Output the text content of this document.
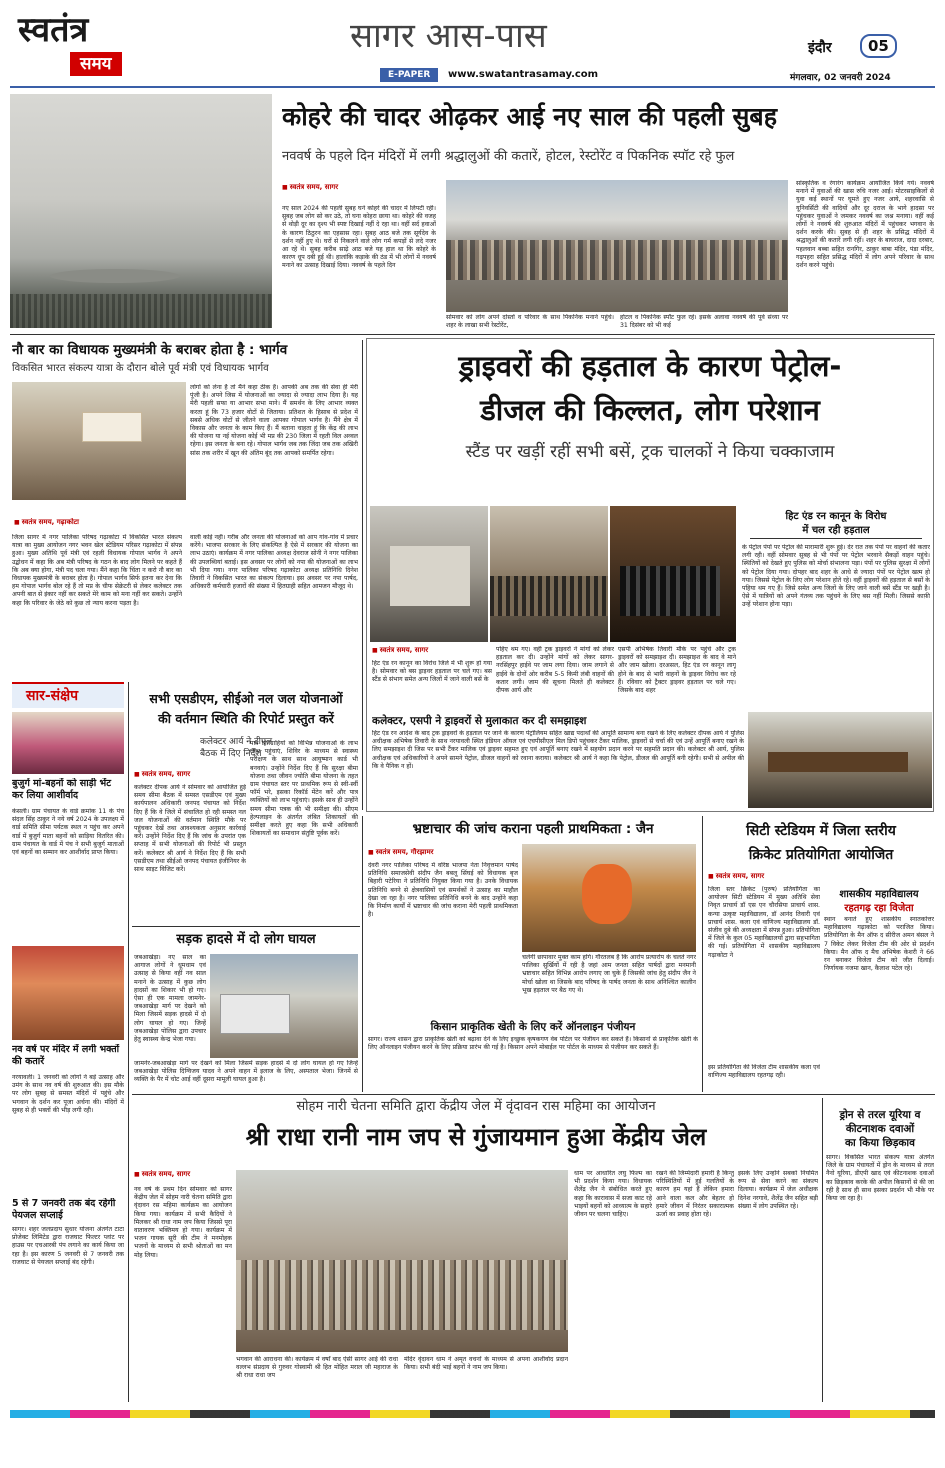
स्वतंत्र
समय
सागर आस-पास
E-PAPER	www.swatantrasamay.com
इंदौर	05
मंगलवार, 02 जनवरी 2024
कोहरे की चादर ओढ़कर आई नए साल की पहली सुबह
नववर्ष के पहले दिन मंदिरों में लगी श्रद्धालुओं की कतारें, होटल, रेस्टोरेंट व पिकनिक स्पॉट रहे फुल
■ स्वतंत्र समय, सागर
नए साल 2024 की पहली सुबह घने कोहरे की चादर में लिपटी रही। सुबह जब लोग सो कर उठे, तो घना कोहरा छाया था। कोहरे की वजह से थोड़ी दूर का दृश्य भी स्पष्ट दिखाई नहीं दे रहा था। वहीं सर्द हवाओं के कारण ठिठुरन का एहसास रहा। सुबह आठ बजे तक सूर्यदेव के दर्शन नहीं हुए थे। घरों से निकलने वाले लोग गर्म कपड़ों से लदे नजर आ रहे थे। सुबह करीब साढ़े आठ बजे यह हाल था कि कोहरे के कारण धूप दबी हुई थी। हालांकि कड़ाके की ठंड में भी लोगों में नववर्ष मनाने का उत्साह दिखाई दिया। नववर्ष के पहले दिन
सोमवार को लोग अपने दोस्तों व परिवार के साथ पिकनिक मनाने पहुंचे। शहर के लाखा सभी रेस्टोरेंट,
होटल व पिकनिक स्पॉट फुल रहे। इसके अलावा नववर्ष की पूर्व संध्या पर 31 दिसंबर को भी कई
सांस्कृतिक व रंगारंग कार्यक्रम आयोजित किये गये। नववर्ष मनाने में युवाओं की खास रुचि नजर आई। मोटरसाइकिलों से युवा कई स्थानों पर घूमते हुए नजर आये, शहरवासि से यूनिवर्सिटी की वादियों और दूर दराज के भागे हादसा पर पहुंचकर युवाओं ने जमकर नववर्ष का जश्न मनाया। वहीं कई लोगों ने नववर्ष की शुरुआत मंदिरों में पहुंचकर भगवान के दर्शन करके की। सुबह से ही शहर के प्रसिद्ध मंदिरों में श्रद्धालुओं की कतारें लगी रहीं। शहर के बाघराज, दादा दरबार, पहलवान बब्बा सहित रानगिर, ठाकुर बाबा मंदिर, पंडा मंदिर, गढ़पहरा सहित प्रसिद्ध मंदिरों में लोग अपने परिवार के साथ दर्शन करने पहुंचे।
नौ बार का विधायक मुख्यमंत्री के बराबर होता है : भार्गव
विकसित भारत संकल्प यात्रा के दौरान बोले पूर्व मंत्री एवं विधायक भार्गव
■ स्वतंत्र समय, गढ़ाकोटा
लोगों को लेना है तो मैंने कहा ठीक है। आपकी अब तक की सेवा ही मेरी पूंजी है। अपने जिस में योजनाओं का ज्यादा से ज्यादा लाभ दिया है। यह मेरी पहली सफा या आभार सभा माने। मैं समर्थन के लिए आभार व्यक्त करता हूं कि 73 हजार वोटों से जिताया। प्रतिशत के हिसाब से प्रदेश में सबसे अधिक वोटों से जीतने वाला आपका गोपाल भार्गव है। मैंने क्षेत्र में विकास और जनता के काम किए हैं। मैं बताना चाहता हूं कि केंद्र की लाभ की योजना या नई योजना कोई भी मप्र की 230 जिला में रहती विल अव्वल रहेगा। इस जनता के बना रहे। गोपाल भार्गव जब तक जिंदा जब तक अखिरी सांस तक शरीर में खून की अंतिम बूंद तक आपको समर्पित रहेगा।
जिला सागर में नगर पालिका परिषद गढ़ाकोटा में विकसित भारत संकल्प यात्रा का मुख्य आयोजन नगर भवन खेल स्टेडियम परिसर गढ़ाकोटा में संपन्न हुआ। मुख्य अतिथि पूर्व मंत्री एवं रहली विधायक गोपाल भार्गव ने अपने उद्बोधन में कहा कि अब मंत्री परिषद के गठन के बाद लोग मिलने पर कहते हैं कि अब क्या होगा, मंत्री पद चला गया। मैंने कहा कि चिंता न करो नौ बार का विधायक मुख्यमंत्री के बराबर होता है। गोपाल भार्गव सिर्फ इतना कर देना कि हम गोपाल भार्गव बोल रहे हैं तो मप्र के चीफ सेक्रेटरी से लेकर कलेक्टर तक अपनी बात से इंकार नहीं कर सकते मेरे काम को मना नहीं कर सकते। उन्होंने कहा कि परिवार के जेठे को कुछ तो न्याय करना पड़ता है।
वाली कोई नहीं। गरीब और जनता की योजनाओं को आप गांव-गांव में प्रचार करेंगे। भाजपा सरकार के लिए संकल्पित है ऐसे में सरकार की योजना का लाभ उठाएं। कार्यक्रम में नगर पालिका अध्यक्ष देवराज सोनी ने नगर पालिका की उपलब्धियां बताई। इस अवसर पर लोगों को नपा की योजनाओं का लाभ भी दिया गया। नगर पालिका परिषद गढ़ाकोटा अध्यक्ष प्रतिनिधि दिनेश तिवारी ने विकसित भारत का संकल्प दिलाया। इस अवसर पर नपा पार्षद, अधिकारी कर्मचारी हजारों की संख्या में हितग्राही सहित आमजन मौजूद थे।
ड्राइवरों की हड़ताल के कारण पेट्रोल-
डीजल की किल्लत, लोग परेशान
स्टैंड पर खड़ीं रहीं सभी बसें, ट्रक चालकों ने किया चक्काजाम
हिट एंड रन कानून के विरोध
में चल रही हड़ताल
के पेट्रोल पंपों पर पेट्रोल की मारामारी शुरू हुई। देर रात तक पंपों पर वाहनों की कतार लगी रही। वहीं सोमवार सुबह से भी पंपों पर पेट्रोल भरवाने सैकड़ों वाहन पहुंचे। स्थितियों को देखते हुए पुलिस को मोर्चा संभालना पड़ा। पंपों पर पुलिस सुरक्षा में लोगों को पेट्रोल दिया गया। दोपहर बाद शहर के आधे से ज्यादा पंपों पर पेट्रोल खत्म हो गया। जिससे पेट्रोल के लिए लोग परेशान होते रहे। वहीं ड्राइवरों की हड़ताल से बसों के पहिया थम गए हैं। जिसे समेत अन्य जिलों के लिए जाने वाली बसें स्टैंड पर खड़ी है। ऐसे में यात्रियों को अपने गंतव्य तक पहुंचने के लिए बस नहीं मिली। जिससे काफ़ी उन्हें परेशान होना पड़ा।
■ स्वतंत्र समय, सागर
हिट एंड रन कानून का विरोध जिले में भी शुरू हो गया है। सोमवार को बस ड्राइवर हड़ताल पर चले गए। बस स्टैंड से संभाग समेत अन्य जिलों में जाने वाली बसें के
पहिए थम गए। वहीं ट्रक ड्राइवरों ने मांगों को लेकर हड़ताल कर दी। उन्होंने मांगों को लेकर सागर-नरसिंहपुर हाईवे पर जाम लगा दिया। जाम लगाने से हाईवे के दोनों ओर करीब 5-5 किमी लंबी वाहनों की कतार लगी। जाम की सूचना मिलते ही कलेक्टर दीपक आर्य और
एसपी अभिषेक तिवारी मौके पर पहुंचे और ट्रक ड्राइवरों को समझाइश दी। समझाइश के बाद वे माने और जाम खोला। दरअसल, हिट एंड रन कानून लागू होने के बाद से भारी वाहनों के ड्राइवर विरोध कर रहे हैं। रविवार को ट्रैक्टर ड्राइवर हड़ताल पर चले गए। जिसके बाद शहर
कलेक्टर, एसपी ने ड्राइवरों से मुलाकात कर दी समझाइश
हिट एंड रन आदेश के बाद ट्रक ड्राइवरों के हड़ताल पर जाने के कारण पेट्रोलियम सहित खाद्य पदार्थों की आपूर्ति सामान्य बना रखने के लिए कलेक्टर दीपक आर्य ने पुलिस अधीक्षक अभिषेक तिवारी के साथ नरयावली स्थित इंडियन ऑयल एवं एचपीसीएल मिल डिपो पहुंचकर टैंकर मालिक, ड्राइवरों से चर्चा की एवं उन्हें आपूर्ति बनाए रखने के लिए समझाइश दी जिस पर सभी टैंकर मालिक एवं ड्राइवर सहमत हुए एवं आपूर्ति बनाए रखने में सहयोग प्रदान करने पर सहमति प्रदान की। कलेक्टर श्री आर्य, पुलिस अधीक्षक एवं अधिकारियों ने अपने सामने पेट्रोल, डीजल वाहनों को रवाना कराया। कलेक्टर श्री आर्य ने कहा कि पेट्रोल, डीजल की आपूर्ति बनी रहेगी। सभी से अपील की कि वे पैनिक न हों।
सार-संक्षेप
बुजुर्ग मां-बहनों को साड़ी भेंट कर लिया आशीर्वाद
केसली। ग्राम पंचायत के वार्ड क्रमांक 11 के पंच संदल सिंह ठाकुर ने नये वर्ष 2024 के उपलक्ष्य में वार्ड समिति सीमा पर्यटक स्थल न पहुंच कर अपने वार्ड में बुजुर्ग माता बहनों को साड़िया वितरित की। ग्राम पंचायत के वार्ड में पंच ने सभी बुजुर्ग माताओं एवं बहनों का सम्मान कर आशीर्वाद प्राप्त किया।
नव वर्ष पर मंदिर में लगी भक्तों की कतारें
नरयावली। 1 जनवरी को लोगों ने बड़े उत्साह और उमंग के साथ नव वर्ष की शुरुआत की। इस मौके पर लोग सुबह से समस्त मंदिरों में पहुंचे और भगवान के दर्शन कर पूजा अर्चना की। मंदिरों में सुबह से ही भक्तों की भीड़ लगी रही।
5 से 7 जनवरी तक बंद रहेगी पेयजल सप्लाई
सागर। शहर जलप्रदाय सुधार योजना अंतर्गत टाटा प्रोजेक्ट लिमिटेड द्वारा राजघाट फिल्टर प्लांट पर हाउस पर एचआरबी पंप लगाने का कार्य किया जा रहा है। इस कारण 5 जनवरी से 7 जनवरी तक राजघाट से पेयजल सप्लाई बंद रहेगी।
सभी एसडीएम, सीईओ नल जल योजनाओं
की वर्तमान स्थिति की रिपोर्ट प्रस्तुत करें
कलेक्टर आर्य ने टीएल
बैठक में दिए निर्देश
■ स्वतंत्र समय, सागर
कलेक्टर दीपक आर्य ने सोमवार को आयोजित हुई समय सीमा बैठक में समस्त एसडीएम एवं मुख्य कार्यपालन अधिकारी जनपद पंचायत को निर्देश दिए हैं कि वे जिले में संचालित हो रही समस्त नल जल योजनाओं की वर्तमान स्थिति मौके पर पहुंचकर देखें तथा आवश्यकता अनुसार कार्रवाई करें। उन्होंने निर्देश दिए हैं कि जांच के उपरांत एक सप्ताह में सभी योजनाओं की रिपोर्ट भी प्रस्तुत करें। कलेक्टर श्री आर्य ने निर्देश दिए हैं कि सभी एसडीएम तथा सीईओ जनपद पंचायत इंजीनियर के साथ साइट विजिट करें।
पात्र हितग्राहियों को विभिन्न योजनाओं के लाभ लाभ पहुंचाएं, शिविर के माध्यम से स्वास्थ्य परीक्षण के साथ साथ आयुष्मान कार्ड भी बनवाएं। उन्होंने निर्देश दिए हैं कि सुरक्षा बीमा योजना तथा जीवन ज्योति बीमा योजना के तहत ग्राम पंचायत स्तर पर प्राथमिक रूप से स्वी-स्वीं फॉर्म भरे, इसका रिकॉर्ड मेंटेन करें और पात्र व्यक्तियों को लाभ पहुंचाएं। इसके साथ ही उन्होंने समय सीमा पत्रक की भी समीक्षा की। सीएम हेल्पलाइन के अंतर्गत लंबित शिकायतों की समीक्षा करते हुए कहा कि सभी अधिकारी शिकायतों का समाधान संतुष्टि पूर्वक करें।
सड़क हादसे में दो लोग घायल
जबआखेड़ा। नए साल का आगाज लोगों ने धूमधाम एवं उत्साह से किया वहीं नव साल मनाने के उत्साह में कुछ लोग हादसों का शिकार भी हो गए। ऐसा ही एक मामला जामनेर-जबआखेड़ा मार्ग पर देखने को मिला जिसमें सड़क हादसे में दो लोग घायल हो गए। जिन्हें जबआखेड़ा पोलिस द्वारा उपचार हेतु स्वास्थ्य केन्द्र भेजा गया।
जामनेर-जबआखेड़ा मार्ग पर देखने को मिला जिसमें सड़क हादसे में दो लोग घायल हो गए जिन्हें जबआखेड़ा पोलिस दिग्विजय यादव ने अपने वाहन में इलाज के लिए, अस्पताल भेजा। जिनमें से व्यक्ति के पैर में चोट आई वहीं दूसरा मामूली घायल हुआ है।
भ्रष्टाचार की जांच कराना पहली प्राथमिकता : जैन
■ स्वतंत्र समय, गौरझामर
देवरी नगर पालिका परिषद में वरिष्ठ भाजपा नेता निवृत्तमान पार्षद प्रतिनिधि समाजसेवी संदीप जैन बबलू सिंघई को विधायक बृज बिहारी पटेरिया ने प्रतिनिधि नियुक्त किया गया है। उनके विधायक प्रतिनिधि बनने से क्षेत्रवासियों एवं समर्थकों ने उत्साह का माहौल देखा जा रहा है। नगर पालिका प्रतिनिधि बनने के बाद उन्होंने कहा कि निर्माण कार्यों में भ्रष्टाचार की जांच कराना मेरी पहली प्राथमिकता है।
चलेगी छापावार मुक्त काम होंगे। गौरतलब है कि आरोप प्रत्यारोप के चलते नगर पालिका सुर्खियों में रही है जहां आम जनता सहित पार्षदों द्वारा मनमानी भ्रष्टाचार सहित विभिन्न आरोप लगाए जा चुके हैं जिसकी जांच हेतु संदीप जैन ने मोर्चा खोला था जिसके बाद परिषद के पार्षद जनता के साथ अनिश्चित कालीन भूख हड़ताल पर बैठ गए थे।
किसान प्राकृतिक खेती के लिए करें ऑनलाइन पंजीयन
सागर। राज्य शासन द्वारा प्राकृतिक खेती को बढ़ावा देने के लिए इच्छुक कृषकगण वेब पोर्टल पर पंजीयन कर सकते हैं। किसानों से प्राकृतिक खेती के लिए ऑनलाइन पंजीयन करने के लिए प्रक्रिया प्रारंभ की गई है। किसान अपने मोबाईल पर पोर्टल के माध्यम से पंजीयन कर सकते हैं।
सिटी स्टेडियम में जिला स्तरीय
क्रिकेट प्रतियोगिता आयोजित
■ स्वतंत्र समय, सागर
जिला स्तर क्रिकेट (पुरुष) प्रतियोगिता का आयोजन सिटी स्टेडियम में मुख्य अतिथि सेवा निवृत प्राचार्य डॉ एस एन चौरसिया प्राचार्य शास. कन्या उत्कृष्ट महाविद्यालय, डॉ आनंद तिवारी एवं प्राचार्य शास. कला एवं वाणिज्य महाविद्यालय डॉ. संजीव दुबे की अध्यक्षता में संपन्न हुआ। प्रतियोगिता में जिले के कुल 05 महाविद्यालयों द्वारा सहभागिता की गई। प्रतियोगिता में शासकीय महाविद्यालय गढ़ाकोटा ने
इस प्रतियोगिता की विजेता टीम शासकीय कला एवं वाणिज्य महाविद्यालय रहतगढ़ रही।
शासकीय महाविद्यालय
रहतगढ़ रहा विजेता
स्थान बनाते हुए शासकीय स्नातकोत्तर महाविद्यालय गढ़ाकोटा को पराजित किया। प्रतियोगिता के मैन ऑफ द सीरीज अमन बंसल ने 7 विकेट लेकर विजेता टीम की ओर से प्रदर्शन किया। मैन ऑफ द मैच अभिषेक केशरी ने 66 रन बनाकर विजेता टीम को जीत दिलाई। निर्णायक नजमा खान, कैलाश पटेल रहे।
सोहम नारी चेतना समिति द्वारा केंद्रीय जेल में वृंदावन रास महिमा का आयोजन
श्री राधा रानी नाम जप से गुंजायमान हुआ केंद्रीय जेल
■ स्वतंत्र समय, सागर
नव वर्ष के प्रथम दिन सोमवार को सागर केंद्रीय जेल में सोहम नारी चेतना समिति द्वारा वृंदावन रस महिमा कार्यक्रम का आयोजन किया गया। कार्यक्रम में सभी कैदियों ने मिलकर श्री राधा नाम जप किया जिससे पूरा वातावरण भक्तिमय हो गया। कार्यक्रम में भजन गायक सूरी की टीम ने मनमोहक भजनों के माध्यम से सभी श्रोताओं का मन मोह लिया।
भगवान की आराधना की। कार्यक्रम में वर्षों बाद ऐसी सागर आई की राधा वल्लभ संप्रदाय से गुरुवर गोस्वामी श्री हित मोहित मराल जी महाराज के श्री राधा राधा जप
मंदिर वृंदावन धाम ने अमृत वचनों के माध्यम से अपना आशीर्वाद प्रदान किया। सभी बंदी भाई बहनों ने नाम जप किया।
धाम पर आधारित लघु फिल्म का भी प्रदर्शन किया गया। विधायक शैलेंद्र जैन ने संबोधित करते हुए कहा कि कारावास में सजा काट रहे भाइयों बहनों को आध्यात्म के सहारे जीवन पर चलना चाहिए।
रखने की जिम्मेदारी हमारी है किन्तु परिस्थितियों में हुई गलतियों के कारण हम यहां हैं लेकिन हमारा आने वाला कल और बेहतर हो हमारे जीवन में निरंतर सकारात्मक ऊर्जा का प्रवाह होता रहे।
इसके लिए उन्होंने सबको नियमित रूप से सेवा करने का संकल्प दिलाया। कार्यक्रम में जेल अधीक्षक दिनेश नरगावे, शैलेंद्र जैन सहित बड़ी संख्या में लोग उपस्थित रहे।
ड्रोन से तरल यूरिया व
कीटनाशक दवाओं
का किया छिड़काव
सागर। विकसित भारत संकल्प यात्रा अंतर्गत जिले के ग्राम पंचायतों में ड्रोन के माध्यम से तरल नैनो यूरिया, डीएपी खाद एवं कीटनाशक दवाओं का छिड़काव करके की अपील किसानों से की जा रही है साथ ही साथ इसका प्रदर्शन भी मौके पर किया जा रहा है।
